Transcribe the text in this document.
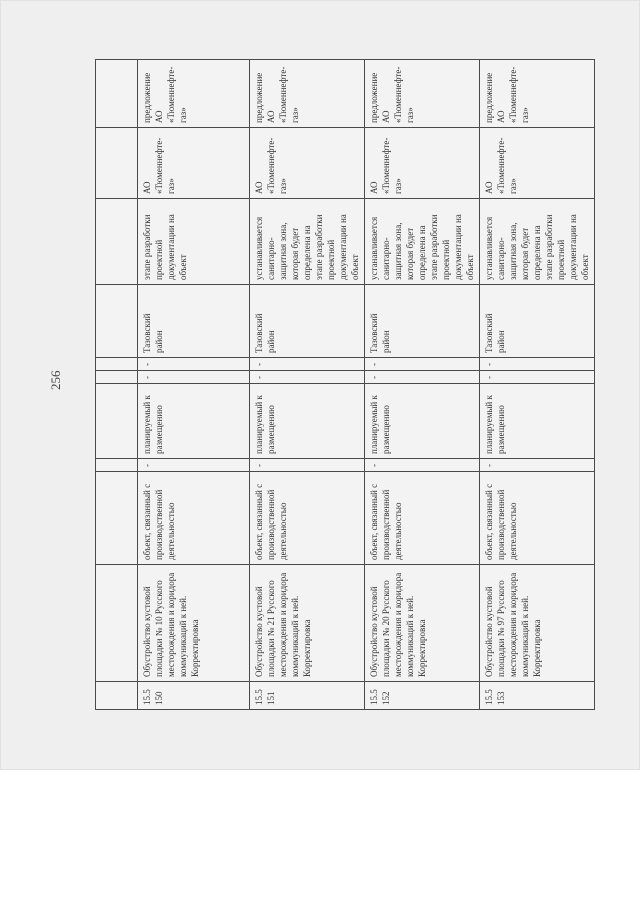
256

15.5150	Обустройство кустовой площадки № 10 Русского месторождения и коридора коммуникаций к ней. Корректировка	объект, связанный с производственной деятельностью	-	планируемый к размещению	-	-	Тазовский район	этапе разработки проектной документации на объект	АО «Тюменнефте-газ»	предложение АО «Тюменнефте-газ»
15.5151	Обустройство кустовой площадки № 21 Русского месторождения и коридора коммуникаций к ней. Корректировка	объект, связанный с производственной деятельностью	-	планируемый к размещению	-	-	Тазовский район	устанавливается санитарно-защитная зона, которая будет определена на этапе разработки проектной документации на объект	АО «Тюменнефте-газ»	предложение АО «Тюменнефте-газ»
15.5152	Обустройство кустовой площадки № 20 Русского месторождения и коридора коммуникаций к ней. Корректировка	объект, связанный с производственной деятельностью	-	планируемый к размещению	-	-	Тазовский район	устанавливается санитарно-защитная зона, которая будет определена на этапе разработки проектной документации на объект	АО «Тюменнефте-газ»	предложение АО «Тюменнефте-газ»
15.5153	Обустройство кустовой площадки № 97 Русского месторождения и коридора коммуникаций к ней. Корректировка	объект, связанный с производственной деятельностью	-	планируемый к размещению	-	-	Тазовский район	устанавливается санитарно-защитная зона, которая будет определена на этапе разработки проектной документации на объект	АО «Тюменнефте-газ»	предложение АО «Тюменнефте-газ»
